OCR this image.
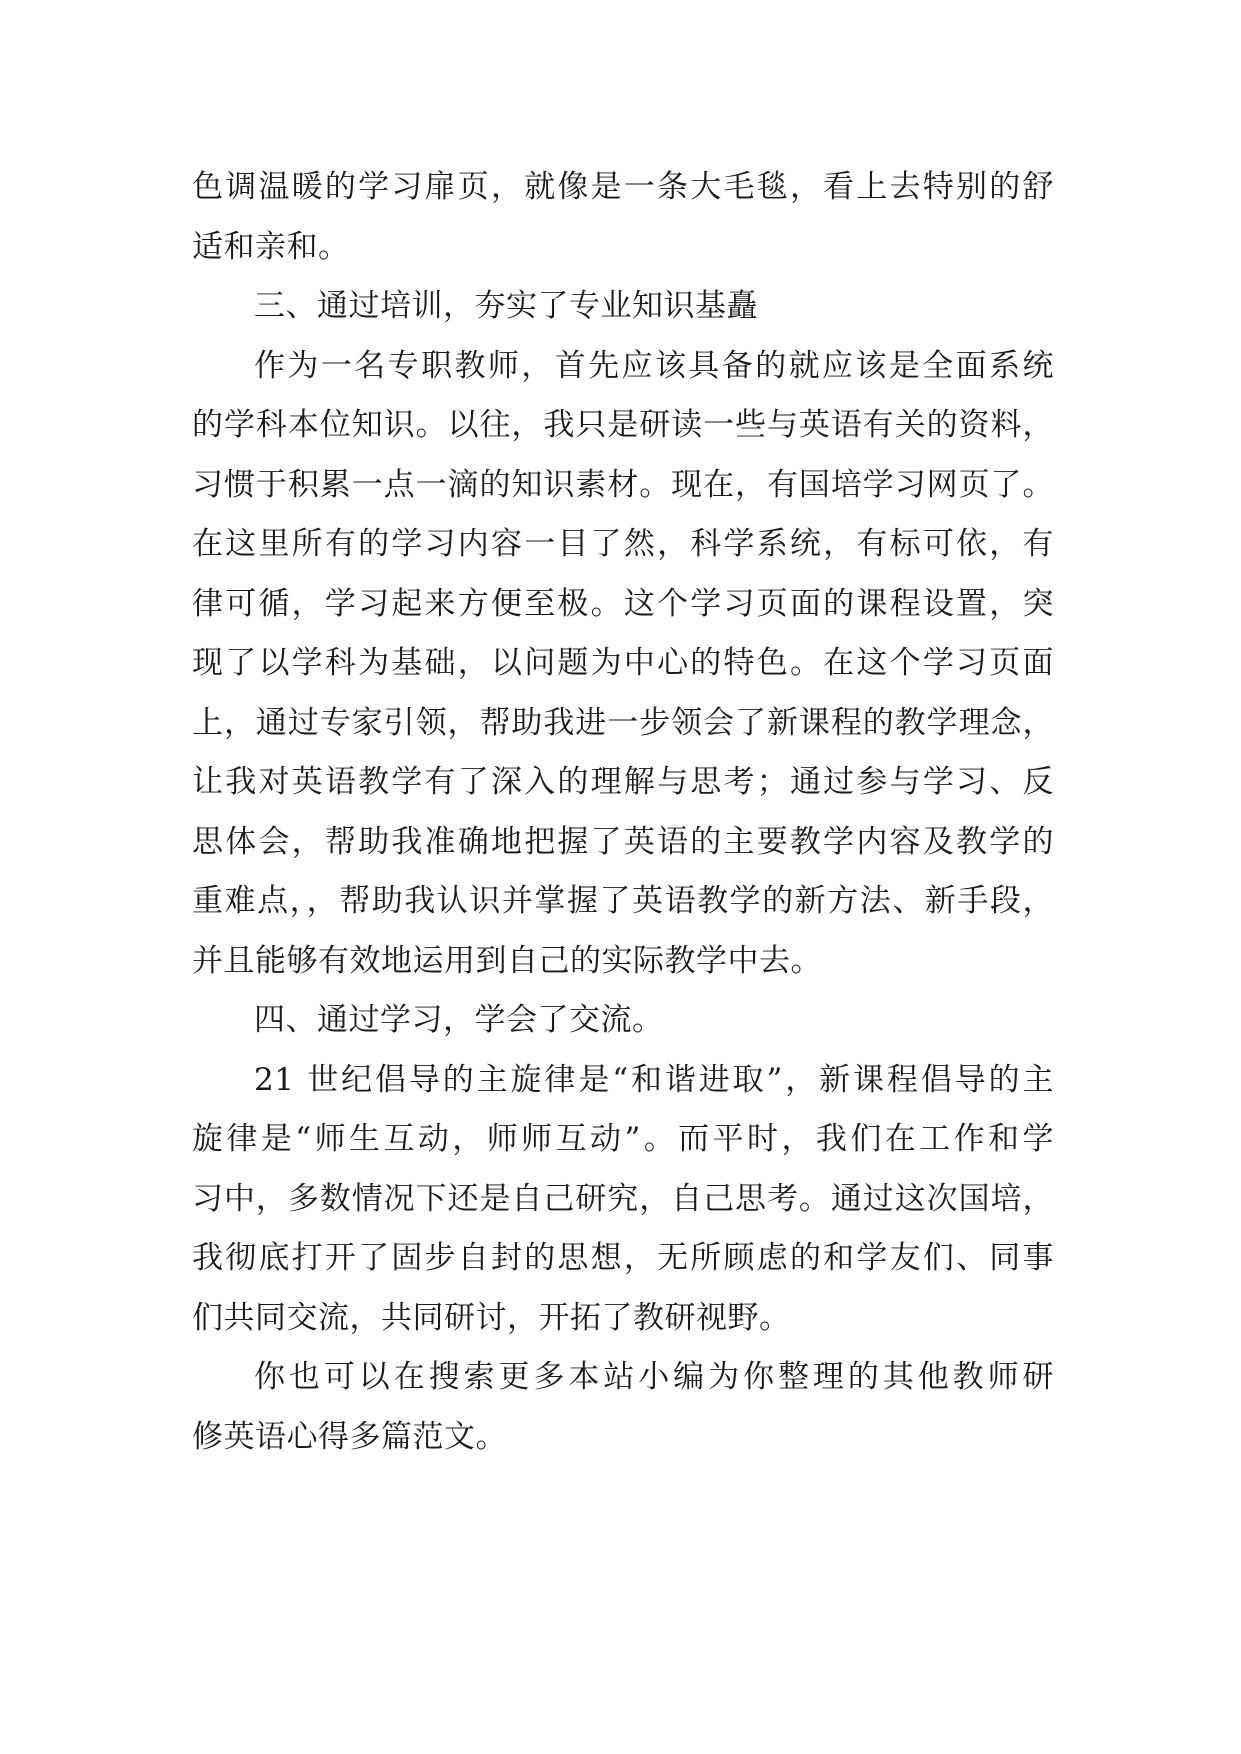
色调温暖的学习扉页，就像是一条大毛毯，看上去特别的舒
适和亲和。
三、通过培训，夯实了专业知识基矗
作为一名专职教师，首先应该具备的就应该是全面系统
的学科本位知识。以往，我只是研读一些与英语有关的资料，
习惯于积累一点一滴的知识素材。现在，有国培学习网页了。
在这里所有的学习内容一目了然，科学系统，有标可依，有
律可循，学习起来方便至极。这个学习页面的课程设置，突
现了以学科为基础，以问题为中心的特色。在这个学习页面
上，通过专家引领，帮助我进一步领会了新课程的教学理念，
让我对英语教学有了深入的理解与思考；通过参与学习、反
思体会，帮助我准确地把握了英语的主要教学内容及教学的
重难点，，帮助我认识并掌握了英语教学的新方法、新手段，
并且能够有效地运用到自己的实际教学中去。
四、通过学习，学会了交流。
21 世纪倡导的主旋律是“和谐进取”，新课程倡导的主
旋律是“师生互动，师师互动”。而平时，我们在工作和学
习中，多数情况下还是自己研究，自己思考。通过这次国培，
我彻底打开了固步自封的思想，无所顾虑的和学友们、同事
们共同交流，共同研讨，开拓了教研视野。
你也可以在搜索更多本站小编为你整理的其他教师研
修英语心得多篇范文。
